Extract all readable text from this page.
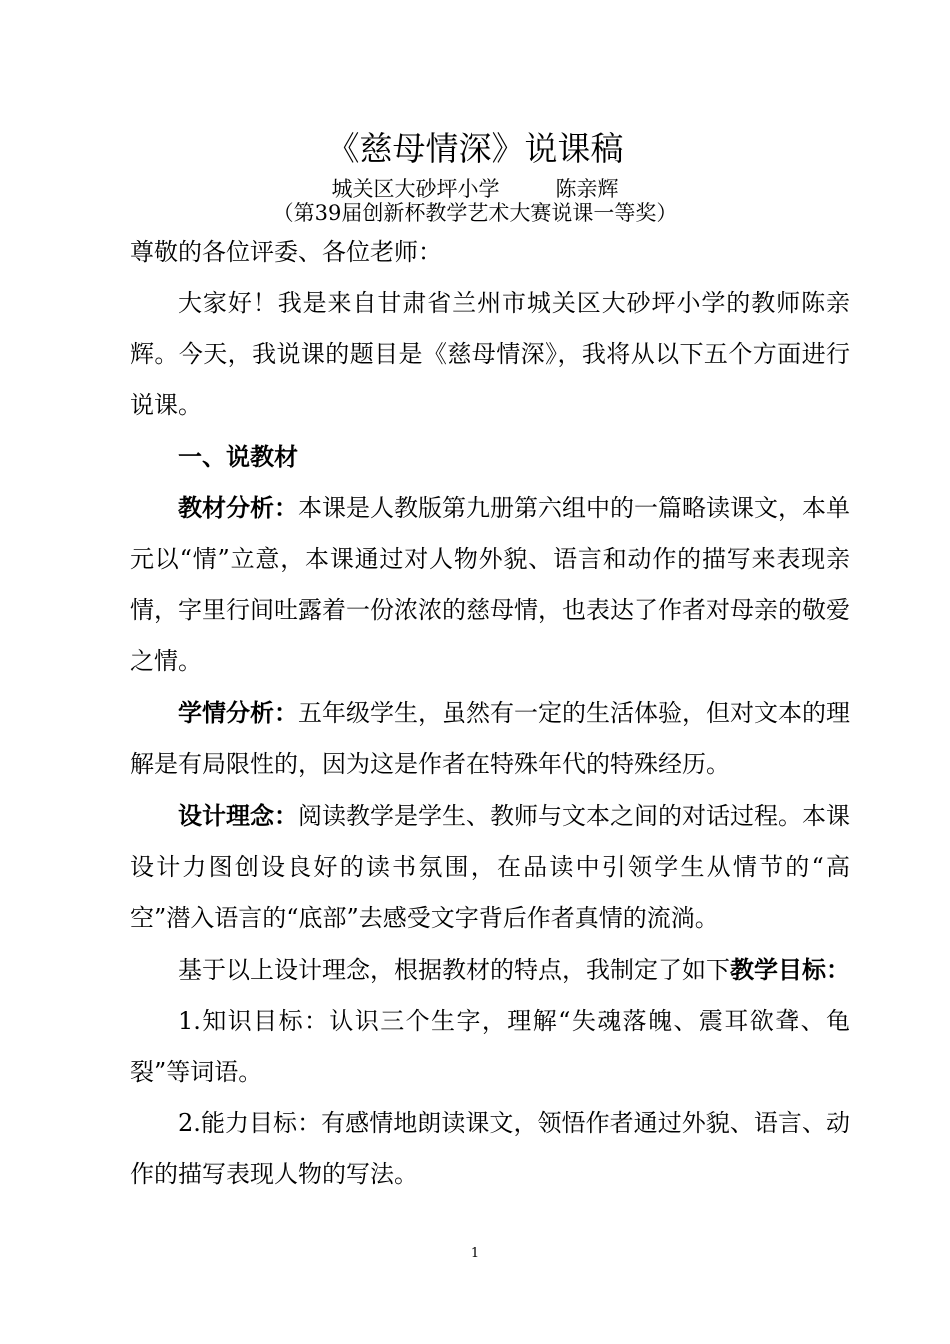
《慈母情深》说课稿
城关区大砂坪小学	陈亲辉
（第39届创新杯教学艺术大赛说课一等奖）

尊敬的各位评委、各位老师：

大家好！我是来自甘肃省兰州市城关区大砂坪小学的教师陈亲辉。今天，我说课的题目是《慈母情深》，我将从以下五个方面进行说课。

一、说教材

教材分析：本课是人教版第九册第六组中的一篇略读课文，本单元以“情”立意，本课通过对人物外貌、语言和动作的描写来表现亲情，字里行间吐露着一份浓浓的慈母情，也表达了作者对母亲的敬爱之情。

学情分析：五年级学生，虽然有一定的生活体验，但对文本的理解是有局限性的，因为这是作者在特殊年代的特殊经历。

设计理念：阅读教学是学生、教师与文本之间的对话过程。本课设计力图创设良好的读书氛围，在品读中引领学生从情节的“高空”潜入语言的“底部”去感受文字背后作者真情的流淌。

基于以上设计理念，根据教材的特点，我制定了如下教学目标：

1.知识目标：认识三个生字，理解“失魂落魄、震耳欲聋、龟裂”等词语。

2.能力目标：有感情地朗读课文，领悟作者通过外貌、语言、动作的描写表现人物的写法。

1
